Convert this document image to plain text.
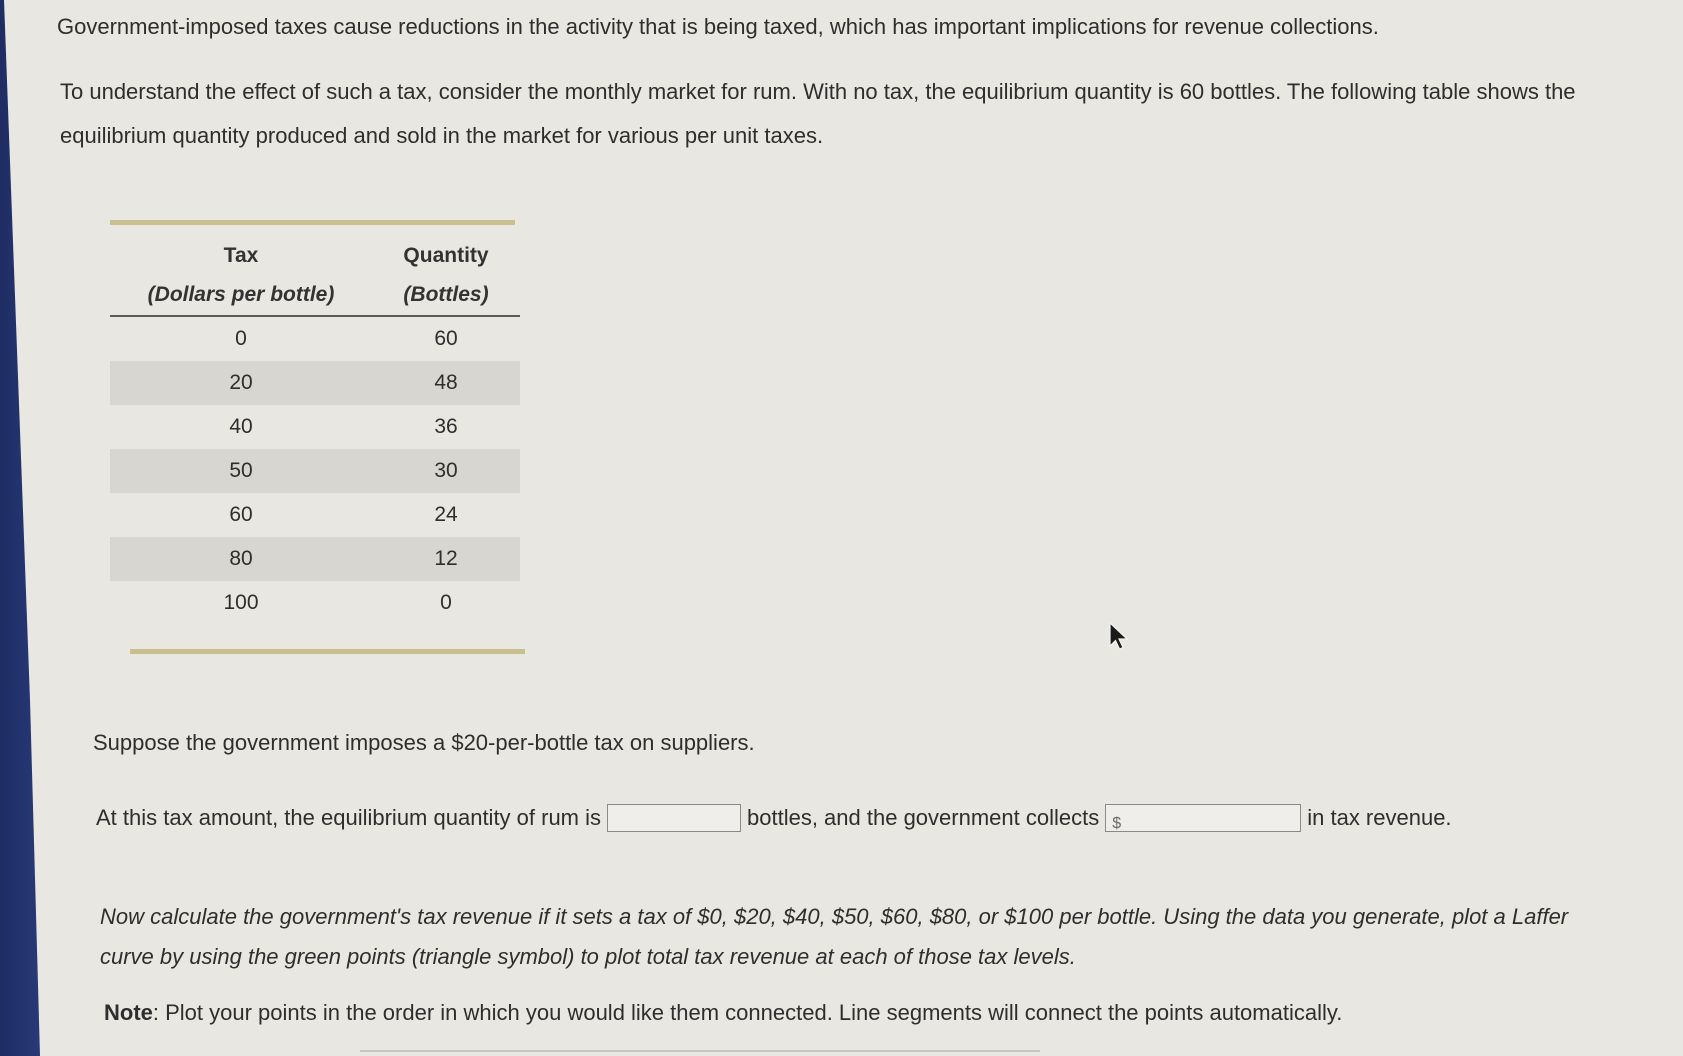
Government-imposed taxes cause reductions in the activity that is being taxed, which has important implications for revenue collections.
To understand the effect of such a tax, consider the monthly market for rum. With no tax, the equilibrium quantity is 60 bottles. The following table shows the equilibrium quantity produced and sold in the market for various per unit taxes.
Tax	Quantity
(Dollars per bottle)	(Bottles)
0	60
20	48
40	36
50	30
60	24
80	12
100	0
Suppose the government imposes a $20-per-bottle tax on suppliers.
At this tax amount, the equilibrium quantity of rum is	bottles, and the government collects $	in tax revenue.
Now calculate the government's tax revenue if it sets a tax of $0, $20, $40, $50, $60, $80, or $100 per bottle. Using the data you generate, plot a Laffer curve by using the green points (triangle symbol) to plot total tax revenue at each of those tax levels.
Note: Plot your points in the order in which you would like them connected. Line segments will connect the points automatically.
